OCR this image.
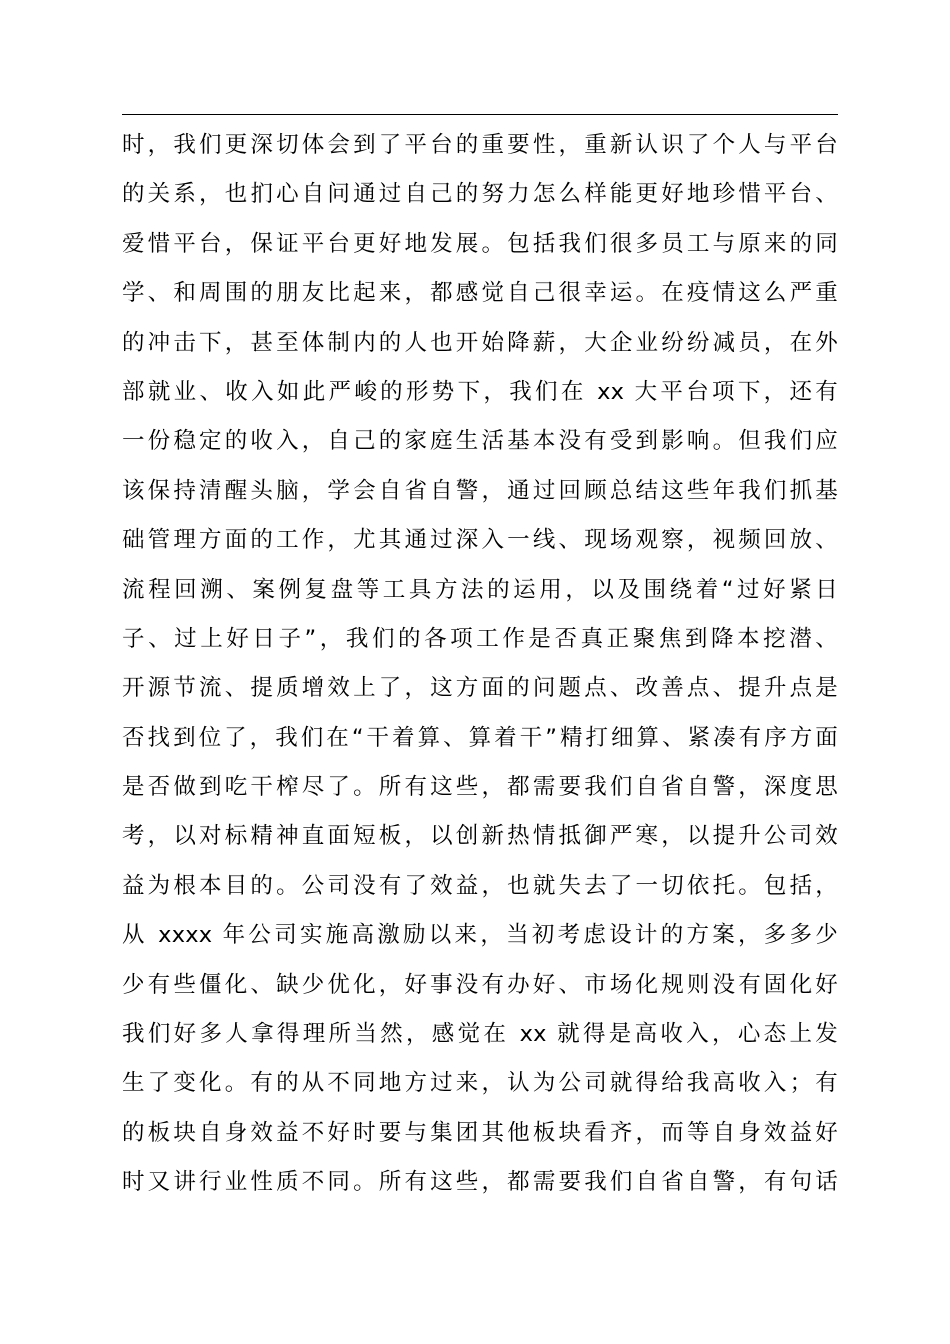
时，我们更深切体会到了平台的重要性，重新认识了个人与平台
的关系，也扪心自问通过自己的努力怎么样能更好地珍惜平台、
爱惜平台，保证平台更好地发展。包括我们很多员工与原来的同
学、和周围的朋友比起来，都感觉自己很幸运。在疫情这么严重
的冲击下，甚至体制内的人也开始降薪，大企业纷纷减员，在外
部就业、收入如此严峻的形势下，我们在 xx 大平台项下，还有
一份稳定的收入，自己的家庭生活基本没有受到影响。但我们应
该保持清醒头脑，学会自省自警，通过回顾总结这些年我们抓基
础管理方面的工作，尤其通过深入一线、现场观察，视频回放、
流程回溯、案例复盘等工具方法的运用，以及围绕着“过好紧日
子、过上好日子”，我们的各项工作是否真正聚焦到降本挖潜、
开源节流、提质增效上了，这方面的问题点、改善点、提升点是
否找到位了，我们在“干着算、算着干”精打细算、紧凑有序方面
是否做到吃干榨尽了。所有这些，都需要我们自省自警，深度思
考，以对标精神直面短板，以创新热情抵御严寒，以提升公司效
益为根本目的。公司没有了效益，也就失去了一切依托。包括，
从 xxxx 年公司实施高激励以来，当初考虑设计的方案，多多少
少有些僵化、缺少优化，好事没有办好、市场化规则没有固化好
我们好多人拿得理所当然，感觉在 xx 就得是高收入，心态上发
生了变化。有的从不同地方过来，认为公司就得给我高收入；有
的板块自身效益不好时要与集团其他板块看齐，而等自身效益好
时又讲行业性质不同。所有这些，都需要我们自省自警，有句话
